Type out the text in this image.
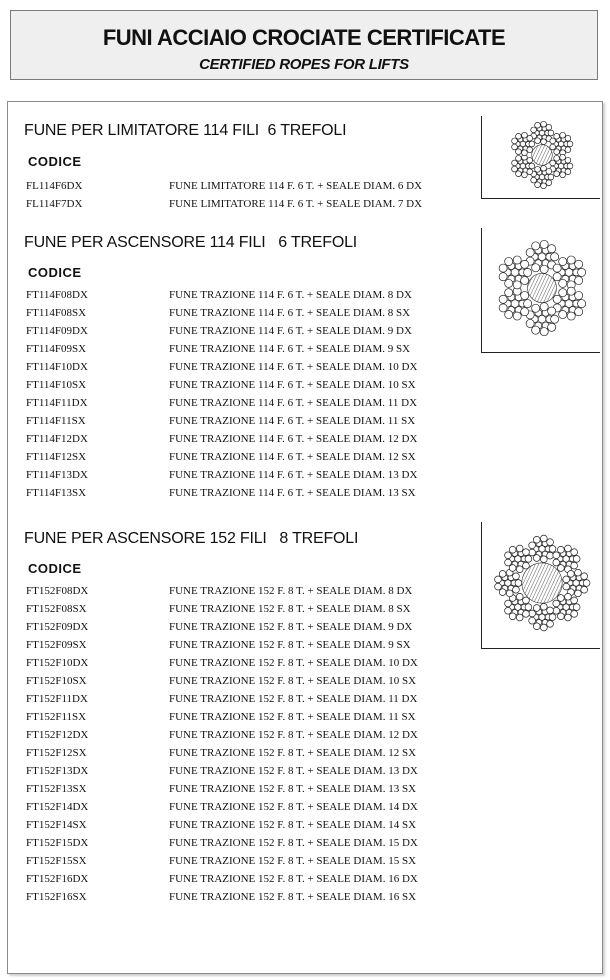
FUNI ACCIAIO CROCIATE CERTIFICATE
CERTIFIED ROPES FOR LIFTS
FUNE PER LIMITATORE 114 FILI  6 TREFOLI
CODICE
FL114F6DX	FUNE LIMITATORE 114 F. 6 T. + SEALE DIAM. 6 DX
FL114F7DX	FUNE LIMITATORE 114 F. 6 T. + SEALE DIAM. 7 DX
FUNE PER ASCENSORE 114 FILI   6 TREFOLI
CODICE
FT114F08DX	FUNE TRAZIONE 114 F. 6 T. + SEALE DIAM. 8 DX
FT114F08SX	FUNE TRAZIONE 114 F. 6 T. + SEALE DIAM. 8 SX
FT114F09DX	FUNE TRAZIONE 114 F. 6 T. + SEALE DIAM. 9 DX
FT114F09SX	FUNE TRAZIONE 114 F. 6 T. + SEALE DIAM. 9 SX
FT114F10DX	FUNE TRAZIONE 114 F. 6 T. + SEALE DIAM. 10 DX
FT114F10SX	FUNE TRAZIONE 114 F. 6 T. + SEALE DIAM. 10 SX
FT114F11DX	FUNE TRAZIONE 114 F. 6 T. + SEALE DIAM. 11 DX
FT114F11SX	FUNE TRAZIONE 114 F. 6 T. + SEALE DIAM. 11 SX
FT114F12DX	FUNE TRAZIONE 114 F. 6 T. + SEALE DIAM. 12 DX
FT114F12SX	FUNE TRAZIONE 114 F. 6 T. + SEALE DIAM. 12 SX
FT114F13DX	FUNE TRAZIONE 114 F. 6 T. + SEALE DIAM. 13 DX
FT114F13SX	FUNE TRAZIONE 114 F. 6 T. + SEALE DIAM. 13 SX
FUNE PER ASCENSORE 152 FILI   8 TREFOLI
CODICE
FT152F08DX	FUNE TRAZIONE 152 F. 8 T. + SEALE DIAM. 8 DX
FT152F08SX	FUNE TRAZIONE 152 F. 8 T. + SEALE DIAM. 8 SX
FT152F09DX	FUNE TRAZIONE 152 F. 8 T. + SEALE DIAM. 9 DX
FT152F09SX	FUNE TRAZIONE 152 F. 8 T. + SEALE DIAM. 9 SX
FT152F10DX	FUNE TRAZIONE 152 F. 8 T. + SEALE DIAM. 10 DX
FT152F10SX	FUNE TRAZIONE 152 F. 8 T. + SEALE DIAM. 10 SX
FT152F11DX	FUNE TRAZIONE 152 F. 8 T. + SEALE DIAM. 11 DX
FT152F11SX	FUNE TRAZIONE 152 F. 8 T. + SEALE DIAM. 11 SX
FT152F12DX	FUNE TRAZIONE 152 F. 8 T. + SEALE DIAM. 12 DX
FT152F12SX	FUNE TRAZIONE 152 F. 8 T. + SEALE DIAM. 12 SX
FT152F13DX	FUNE TRAZIONE 152 F. 8 T. + SEALE DIAM. 13 DX
FT152F13SX	FUNE TRAZIONE 152 F. 8 T. + SEALE DIAM. 13 SX
FT152F14DX	FUNE TRAZIONE 152 F. 8 T. + SEALE DIAM. 14 DX
FT152F14SX	FUNE TRAZIONE 152 F. 8 T. + SEALE DIAM. 14 SX
FT152F15DX	FUNE TRAZIONE 152 F. 8 T. + SEALE DIAM. 15 DX
FT152F15SX	FUNE TRAZIONE 152 F. 8 T. + SEALE DIAM. 15 SX
FT152F16DX	FUNE TRAZIONE 152 F. 8 T. + SEALE DIAM. 16 DX
FT152F16SX	FUNE TRAZIONE 152 F. 8 T. + SEALE DIAM. 16 SX
